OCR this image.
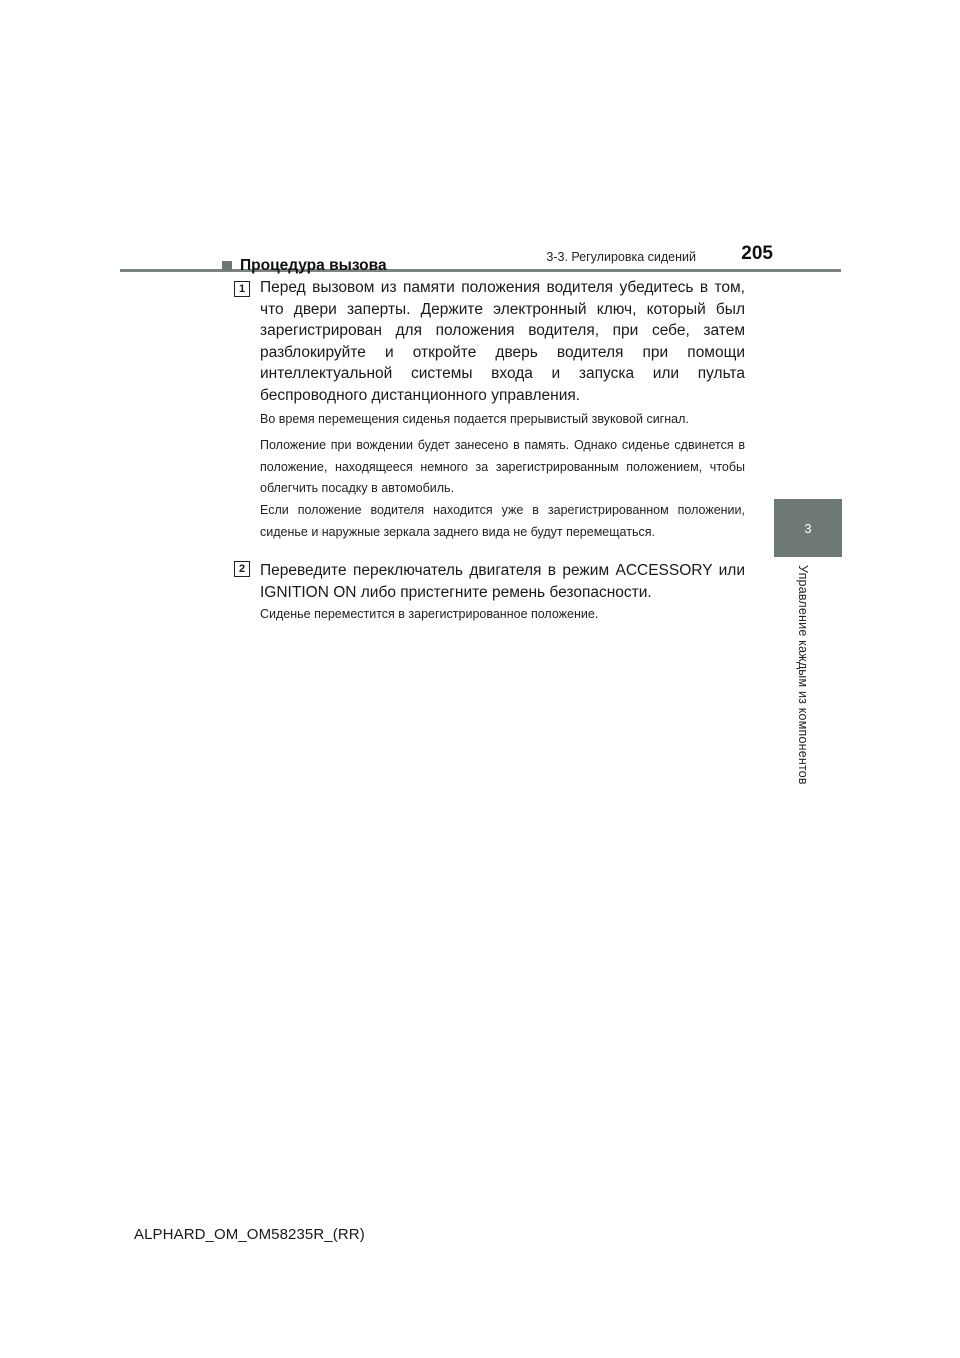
3-3. Регулировка сидений 205
3
Управление каждым из компонентов
Процедура вызова
1 Перед вызовом из памяти положения водителя убедитесь в том, что двери заперты. Держите электронный ключ, который был зарегистрирован для положения водителя, при себе, затем разблокируйте и откройте дверь водителя при помощи интеллектуальной системы входа и запуска или пульта беспроводного дистанционного управления.
Во время перемещения сиденья подается прерывистый звуковой сигнал.
Положение при вождении будет занесено в память. Однако сиденье сдвинется в положение, находящееся немного за зарегистрированным положением, чтобы облегчить посадку в автомобиль.
Если положение водителя находится уже в зарегистрированном положении, сиденье и наружные зеркала заднего вида не будут перемещаться.
2 Переведите переключатель двигателя в режим ACCESSORY или IGNITION ON либо пристегните ремень безопасности.
Сиденье переместится в зарегистрированное положение.
ALPHARD_OM_OM58235R_(RR)
